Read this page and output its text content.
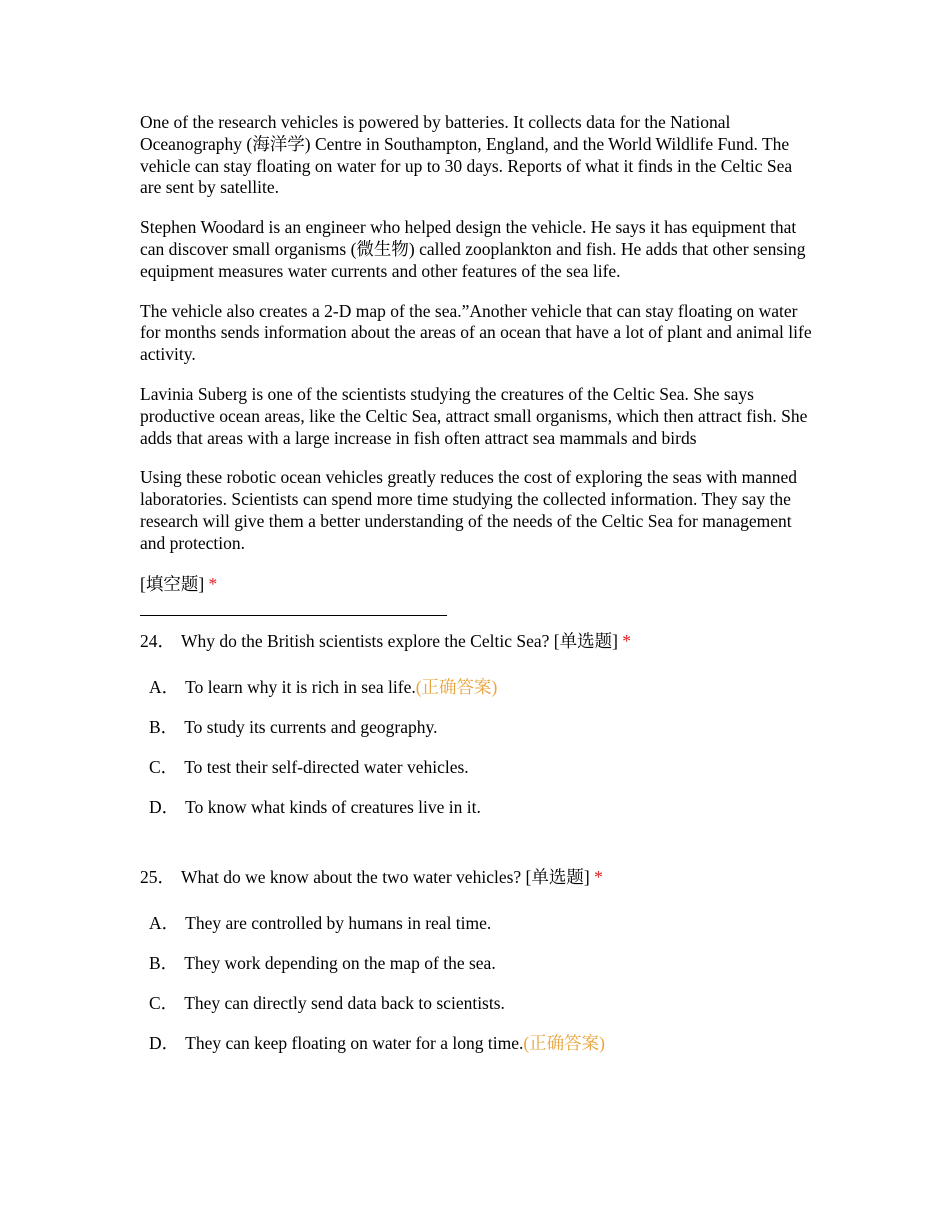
One of the research vehicles is powered by batteries. It collects data for the National Oceanography (海洋学) Centre in Southampton, England, and the World Wildlife Fund. The vehicle can stay floating on water for up to 30 days. Reports of what it finds in the Celtic Sea are sent by satellite.

Stephen Woodard is an engineer who helped design the vehicle. He says it has equipment that can discover small organisms (微生物) called zooplankton and fish. He adds that other sensing equipment measures water currents and other features of the sea life.

The vehicle also creates a 2-D map of the sea.”Another vehicle that can stay floating on water for months sends information about the areas of an ocean that have a lot of plant and animal life activity.

Lavinia Suberg is one of the scientists studying the creatures of the Celtic Sea. She says productive ocean areas, like the Celtic Sea, attract small organisms, which then attract fish. She adds that areas with a large increase in fish often attract sea mammals and birds

Using these robotic ocean vehicles greatly reduces the cost of exploring the seas with manned laboratories. Scientists can spend more time studying the collected information. They say the research will give them a better understanding of the needs of the Celtic Sea for management and protection.

[填空题] *
24． Why do the British scientists explore the Celtic Sea? [单选题] *
A． To learn why it is rich in sea life.(正确答案)
B． To study its currents and geography.
C． To test their self-directed water vehicles.
D． To know what kinds of creatures live in it.
25． What do we know about the two water vehicles? [单选题] *
A． They are controlled by humans in real time.
B． They work depending on the map of the sea.
C． They can directly send data back to scientists.
D． They can keep floating on water for a long time.(正确答案)
